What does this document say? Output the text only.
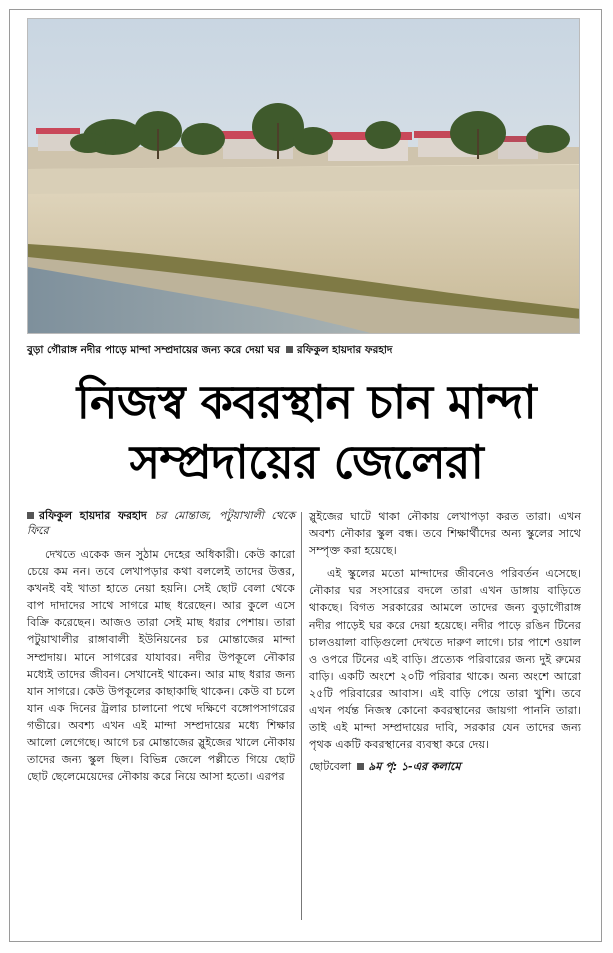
বুড়া গৌরাঙ্গ নদীর পাড়ে মান্দা সম্প্রদায়ের জন্য করে দেয়া ঘর রফিকুল হায়দার ফরহাদ
নিজস্ব কবরস্থান চান মান্দা
সম্প্রদায়ের জেলেরা
রফিকুল হায়দার ফরহাদ চর মোন্তাজ, পটুয়াখালী থেকে ফিরে

দেখতে একেক জন সুঠাম দেহের অধিকারী। কেউ কারো চেয়ে কম নন। তবে লেখাপড়ার কথা বললেই তাদের উত্তর, কখনই বই খাতা হাতে নেয়া হয়নি। সেই ছোট বেলা থেকে বাপ দাদাদের সাথে সাগরে মাছ ধরেছেন। আর কুলে এসে বিক্রি করেছেন। আজও তারা সেই মাছ ধরার পেশায়। তারা পটুয়াখালীর রাঙ্গাবালী ইউনিয়নের চর মোন্তাজের মান্দা সম্প্রদায়। মানে সাগরের যাযাবর। নদীর উপকূলে নৌকার মধ্যেই তাদের জীবন। সেখানেই থাকেন। আর মাছ ধরার জন্য যান সাগরে। কেউ উপকূলের কাছাকাছি থাকেন। কেউ বা চলে যান এক দিনের ট্রলার চালানো পথে দক্ষিণে বঙ্গোপসাগরের গভীরে। অবশ্য এখন এই মান্দা সম্প্রদায়ের মধ্যে শিক্ষার আলো লেগেছে। আগে চর মোন্তাজের স্লুইজের খালে নৌকায় তাদের জন্য স্কুল ছিল। বিভিন্ন জেলে পল্লীতে গিয়ে ছোট ছোট ছেলেমেয়েদের নৌকায় করে নিয়ে আসা হতো। এরপর

স্লুইজের ঘাটে থাকা নৌকায় লেখাপড়া করত তারা। এখন অবশ্য নৌকার স্কুল বন্ধ। তবে শিক্ষার্থীদের অন্য স্কুলের সাথে সম্পৃক্ত করা হয়েছে।

এই স্কুলের মতো মান্দাদের জীবনেও পরিবর্তন এসেছে। নৌকার ঘর সংসারের বদলে তারা এখন ডাঙ্গায় বাড়িতে থাকছে। বিগত সরকারের আমলে তাদের জন্য বুড়াগৌরাঙ্গ নদীর পাড়েই ঘর করে দেয়া হয়েছে। নদীর পাড়ে রঙিন টিনের চালওয়ালা বাড়িগুলো দেখতে দারুণ লাগে। চার পাশে ওয়াল ও ওপরে টিনের এই বাড়ি। প্রত্যেক পরিবারের জন্য দুই রুমের বাড়ি। একটি অংশে ২০টি পরিবার থাকে। অন্য অংশে আরো ২৫টি পরিবারের আবাস। এই বাড়ি পেয়ে তারা খুশি। তবে এখন পর্যন্ত নিজস্ব কোনো কবরস্থানের জায়গা পাননি তারা। তাই এই মান্দা সম্প্রদায়ের দাবি, সরকার যেন তাদের জন্য পৃথক একটি কবরস্থানের ব্যবস্থা করে দেয়।

ছোটবেলা ৯ম পৃ: ১-এর কলামে
